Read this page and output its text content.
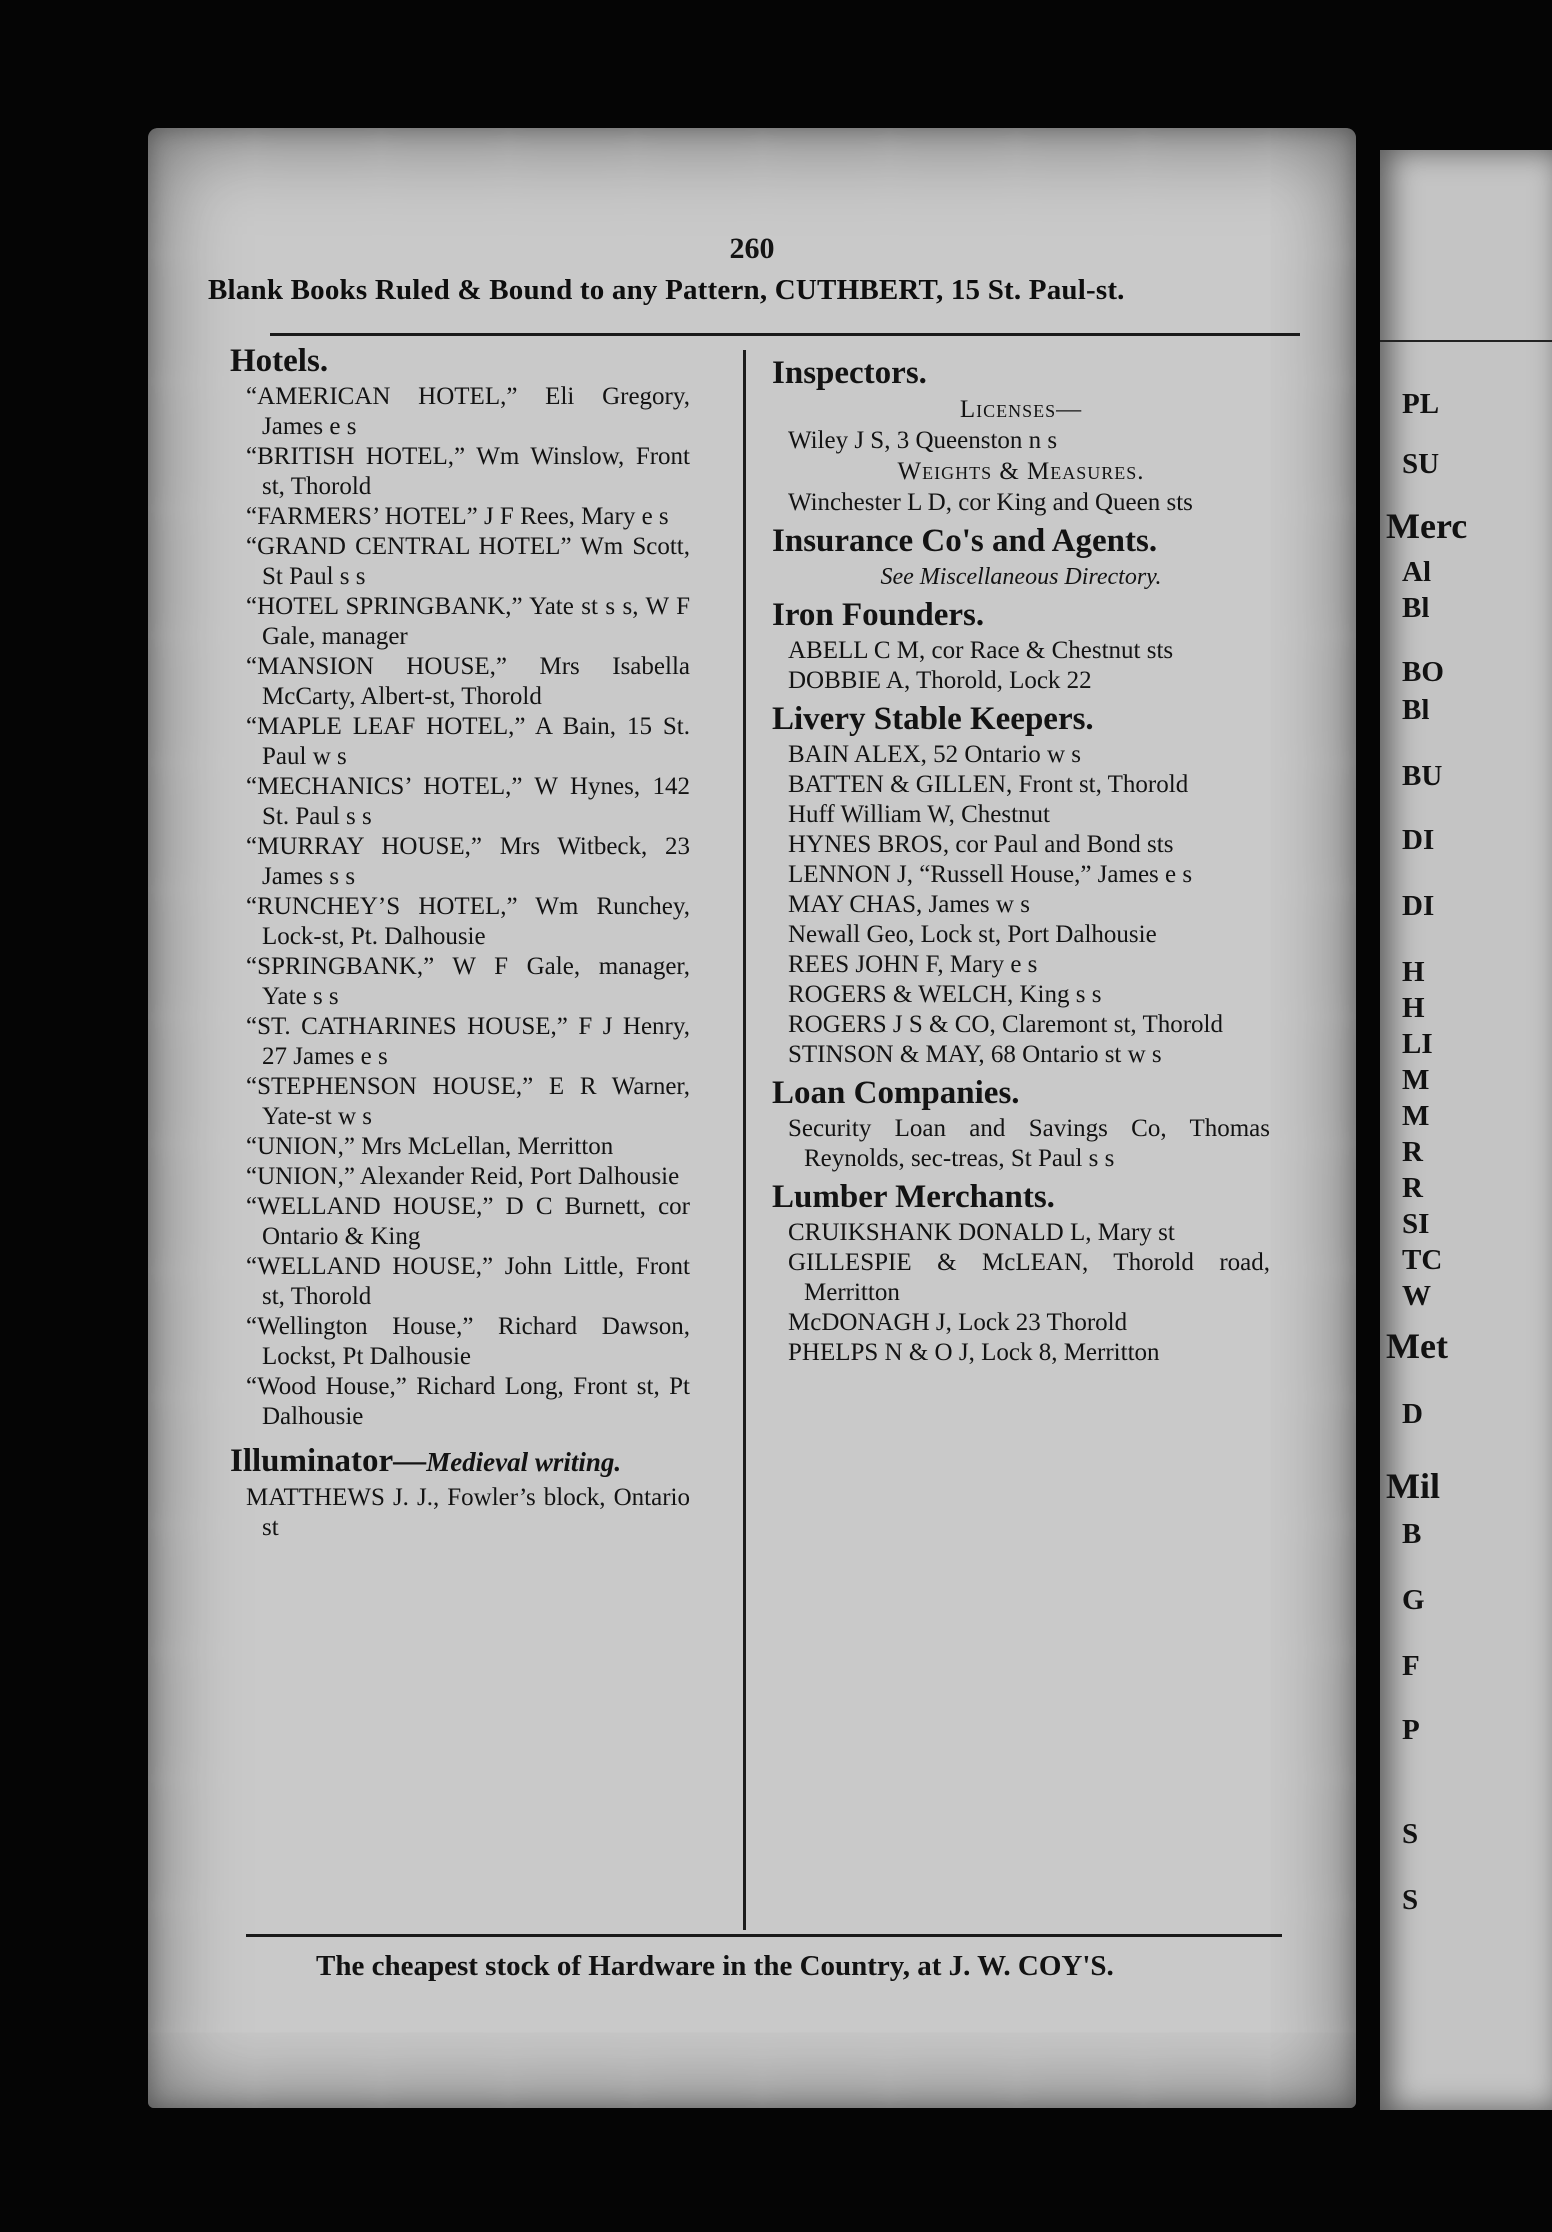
260
Blank Books Ruled & Bound to any Pattern, CUTHBERT, 15 St. Paul-st.
Hotels.
“AMERICAN HOTEL,” Eli Gregory, James e s
“BRITISH HOTEL,” Wm Winslow, Front st, Thorold
“FARMERS’ HOTEL” J F Rees, Mary e s
“GRAND CENTRAL HOTEL” Wm Scott, St Paul s s
“HOTEL SPRINGBANK,” Yate st s s, W F Gale, manager
“MANSION HOUSE,” Mrs Isabella McCarty, Albert-st, Thorold
“MAPLE LEAF HOTEL,” A Bain, 15 St. Paul w s
“MECHANICS’ HOTEL,” W Hynes, 142 St. Paul s s
“MURRAY HOUSE,” Mrs Witbeck, 23 James s s
“RUNCHEY’S HOTEL,” Wm Runchey, Lock-st, Pt. Dalhousie
“SPRINGBANK,” W F Gale, manager, Yate s s
“ST. CATHARINES HOUSE,” F J Henry, 27 James e s
“STEPHENSON HOUSE,” E R Warner, Yate-st w s
“UNION,” Mrs McLellan, Merritton
“UNION,” Alexander Reid, Port Dalhousie
“WELLAND HOUSE,” D C Burnett, cor Ontario & King
“WELLAND HOUSE,” John Little, Front st, Thorold
“Wellington House,” Richard Dawson, Lockst, Pt Dalhousie
“Wood House,” Richard Long, Front st, Pt Dalhousie
Illuminator—Medieval writing.
MATTHEWS J. J., Fowler’s block, Ontario st
Inspectors.
Licenses—
Wiley J S, 3 Queenston n s
Weights & Measures.
Winchester L D, cor King and Queen sts
Insurance Co's and Agents.
See Miscellaneous Directory.
Iron Founders.
ABELL C M, cor Race & Chestnut sts
DOBBIE A, Thorold, Lock 22
Livery Stable Keepers.
BAIN ALEX, 52 Ontario w s
BATTEN & GILLEN, Front st, Thorold
Huff William W, Chestnut
HYNES BROS, cor Paul and Bond sts
LENNON J, “Russell House,” James e s
MAY CHAS, James w s
Newall Geo, Lock st, Port Dalhousie
REES JOHN F, Mary e s
ROGERS & WELCH, King s s
ROGERS J S & CO, Claremont st, Thorold
STINSON & MAY, 68 Ontario st w s
Loan Companies.
Security Loan and Savings Co, Thomas Reynolds, sec-treas, St Paul s s
Lumber Merchants.
CRUIKSHANK DONALD L, Mary st
GILLESPIE & McLEAN, Thorold road, Merritton
McDONAGH J, Lock 23 Thorold
PHELPS N & O J, Lock 8, Merritton
The cheapest stock of Hardware in the Country, at J. W. COY'S.
PL
SU
Merc
Al
Bl
BO
Bl
BU
DI
DI
H
H
LI
M
M
R
R
SI
TC
W
Met
D
Mil
B
G
F
P
S
S
